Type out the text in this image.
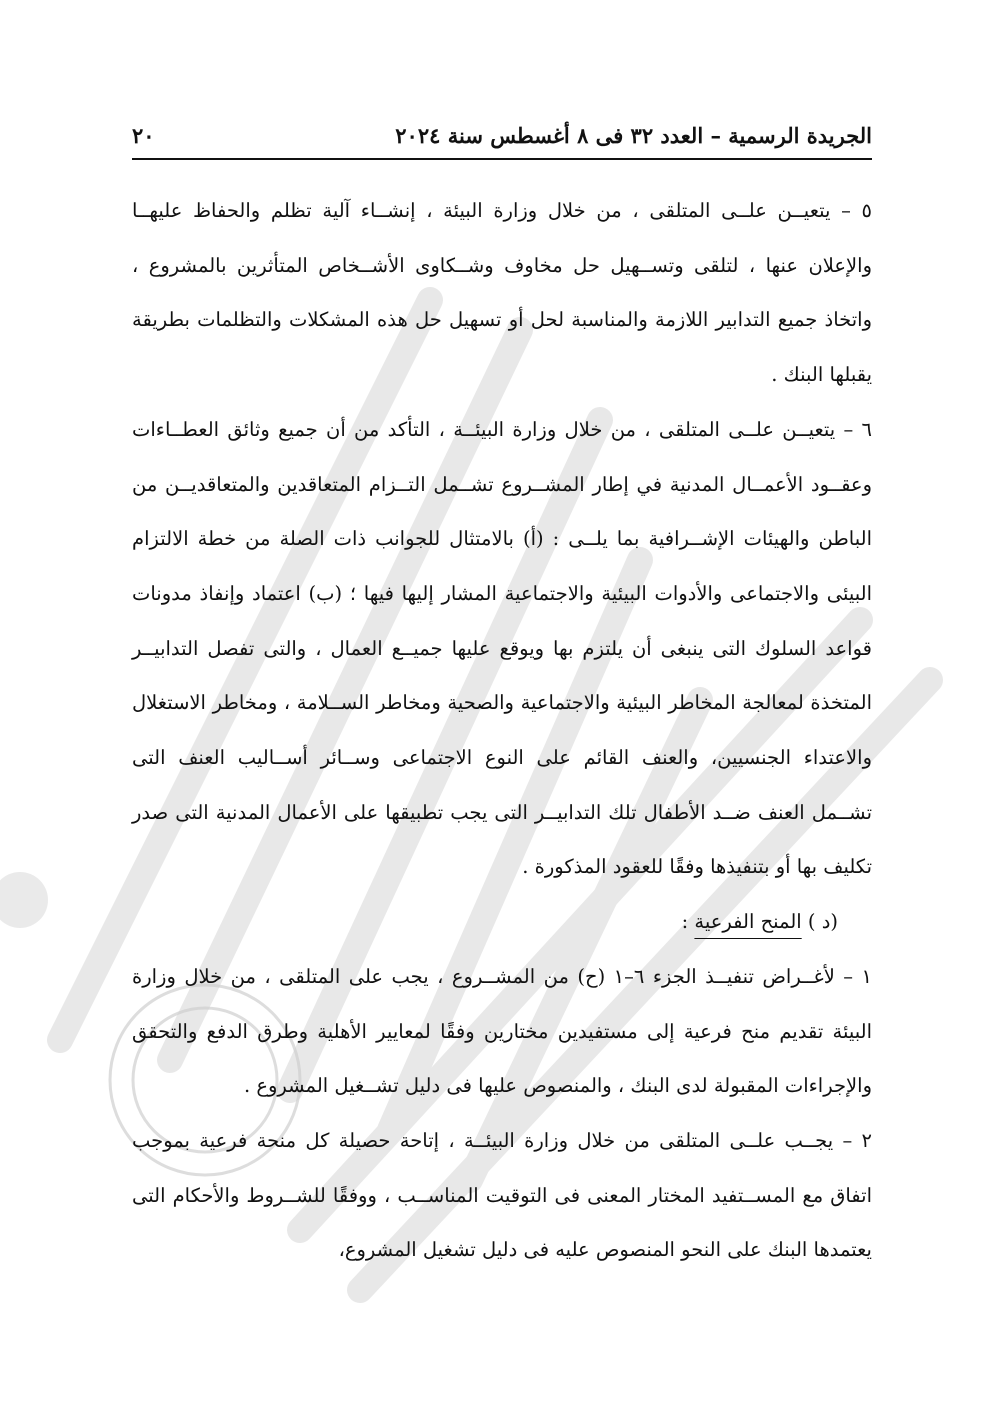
الجريدة الرسمية – العدد ٣٢ فى ٨ أغسطس سنة ٢٠٢٤
٢٠

٥ – يتعيــن علــى المتلقى ، من خلال وزارة البيئة ، إنشــاء آلية تظلم والحفاظ عليهــا والإعلان عنها ، لتلقى وتســهيل حل مخاوف وشــكاوى الأشــخاص المتأثرين بالمشروع ، واتخاذ جميع التدابير اللازمة والمناسبة لحل أو تسهيل حل هذه المشكلات والتظلمات بطريقة يقبلها البنك .

٦ – يتعيــن علــى المتلقى ، من خلال وزارة البيئــة ، التأكد من أن جميع وثائق العطــاءات وعقــود الأعمــال المدنية في إطار المشــروع تشــمل التــزام المتعاقدين والمتعاقديــن من الباطن والهيئات الإشــرافية بما يلــى : (أ) بالامتثال للجوانب ذات الصلة من خطة الالتزام البيئى والاجتماعى والأدوات البيئية والاجتماعية المشار إليها فيها ؛ (ب) اعتماد وإنفاذ مدونات قواعد السلوك التى ينبغى أن يلتزم بها ويوقع عليها جميــع العمال ، والتى تفصل التدابيــر المتخذة لمعالجة المخاطر البيئية والاجتماعية والصحية ومخاطر الســلامة ، ومخاطر الاستغلال والاعتداء الجنسيين، والعنف القائم على النوع الاجتماعى وســائر أســاليب العنف التى تشــمل العنف ضــد الأطفال تلك التدابيــر التى يجب تطبيقها على الأعمال المدنية التى صدر تكليف بها أو بتنفيذها وفقًا للعقود المذكورة .

(د ) المنح الفرعية :

١ – لأغــراض تنفيــذ الجزء ٦–١ (ح) من المشــروع ، يجب على المتلقى ، من خلال وزارة البيئة تقديم منح فرعية إلى مستفيدين مختارين وفقًا لمعايير الأهلية وطرق الدفع والتحقق والإجراءات المقبولة لدى البنك ، والمنصوص عليها فى دليل تشــغيل المشروع .

٢ – يجــب علــى المتلقى من خلال وزارة البيئــة ، إتاحة حصيلة كل منحة فرعية بموجب اتفاق مع المســتفيد المختار المعنى فى التوقيت المناســب ، ووفقًا للشــروط والأحكام التى يعتمدها البنك على النحو المنصوص عليه فى دليل تشغيل المشروع،
